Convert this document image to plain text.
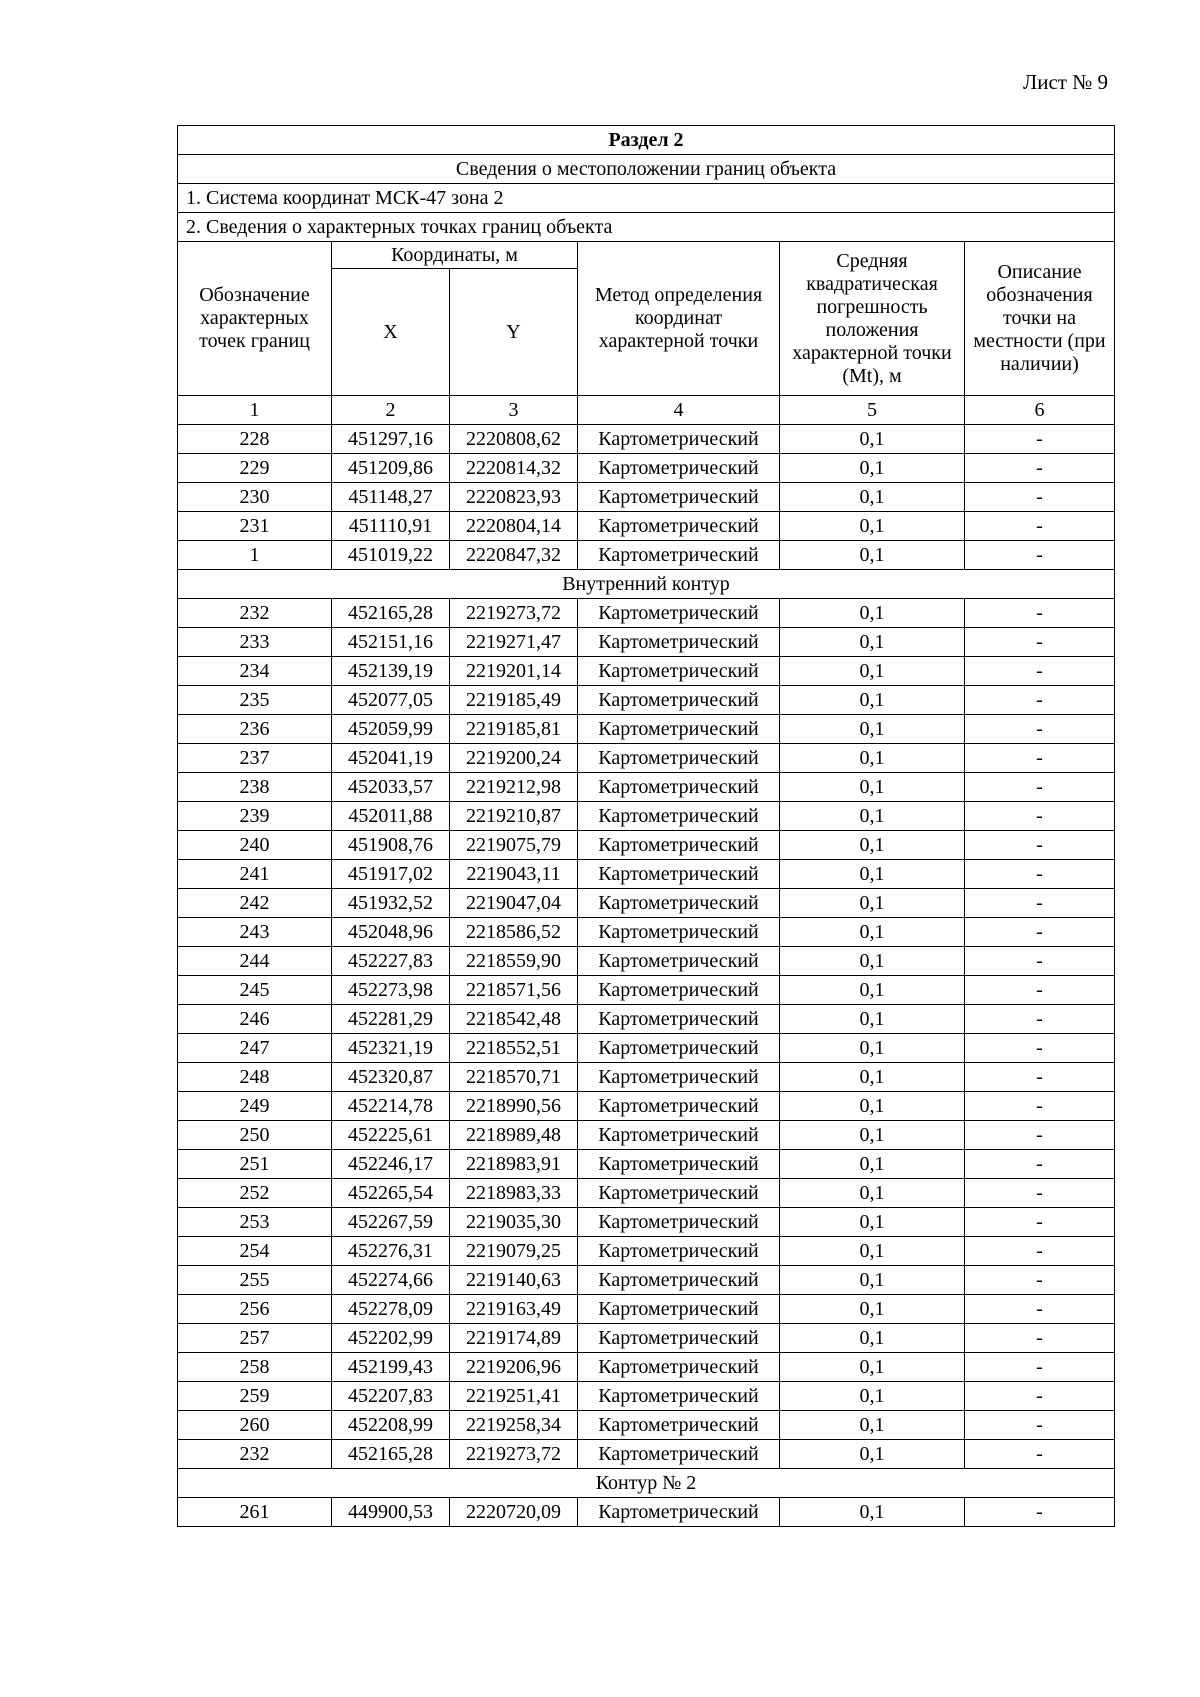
Лист № 9
Раздел 2					
Сведения о местоположении границ объекта					
1. Система координат МСК-47 зона 2					
2. Сведения о характерных точках границ объекта					
Обозначение характерных точек границ	Координаты, м		Метод определения координат характерной точки	Средняя квадратическая погрешность положения характерной точки (Mt), м	Описание обозначения точки на местности (при наличии)
	X	Y			
1	2	3	4	5	6
228	451297,16	2220808,62	Картометрический	0,1	-
229	451209,86	2220814,32	Картометрический	0,1	-
230	451148,27	2220823,93	Картометрический	0,1	-
231	451110,91	2220804,14	Картометрический	0,1	-
1	451019,22	2220847,32	Картометрический	0,1	-
Внутренний контур					
232	452165,28	2219273,72	Картометрический	0,1	-
233	452151,16	2219271,47	Картометрический	0,1	-
234	452139,19	2219201,14	Картометрический	0,1	-
235	452077,05	2219185,49	Картометрический	0,1	-
236	452059,99	2219185,81	Картометрический	0,1	-
237	452041,19	2219200,24	Картометрический	0,1	-
238	452033,57	2219212,98	Картометрический	0,1	-
239	452011,88	2219210,87	Картометрический	0,1	-
240	451908,76	2219075,79	Картометрический	0,1	-
241	451917,02	2219043,11	Картометрический	0,1	-
242	451932,52	2219047,04	Картометрический	0,1	-
243	452048,96	2218586,52	Картометрический	0,1	-
244	452227,83	2218559,90	Картометрический	0,1	-
245	452273,98	2218571,56	Картометрический	0,1	-
246	452281,29	2218542,48	Картометрический	0,1	-
247	452321,19	2218552,51	Картометрический	0,1	-
248	452320,87	2218570,71	Картометрический	0,1	-
249	452214,78	2218990,56	Картометрический	0,1	-
250	452225,61	2218989,48	Картометрический	0,1	-
251	452246,17	2218983,91	Картометрический	0,1	-
252	452265,54	2218983,33	Картометрический	0,1	-
253	452267,59	2219035,30	Картометрический	0,1	-
254	452276,31	2219079,25	Картометрический	0,1	-
255	452274,66	2219140,63	Картометрический	0,1	-
256	452278,09	2219163,49	Картометрический	0,1	-
257	452202,99	2219174,89	Картометрический	0,1	-
258	452199,43	2219206,96	Картометрический	0,1	-
259	452207,83	2219251,41	Картометрический	0,1	-
260	452208,99	2219258,34	Картометрический	0,1	-
232	452165,28	2219273,72	Картометрический	0,1	-
Контур № 2					
261	449900,53	2220720,09	Картометрический	0,1	-
